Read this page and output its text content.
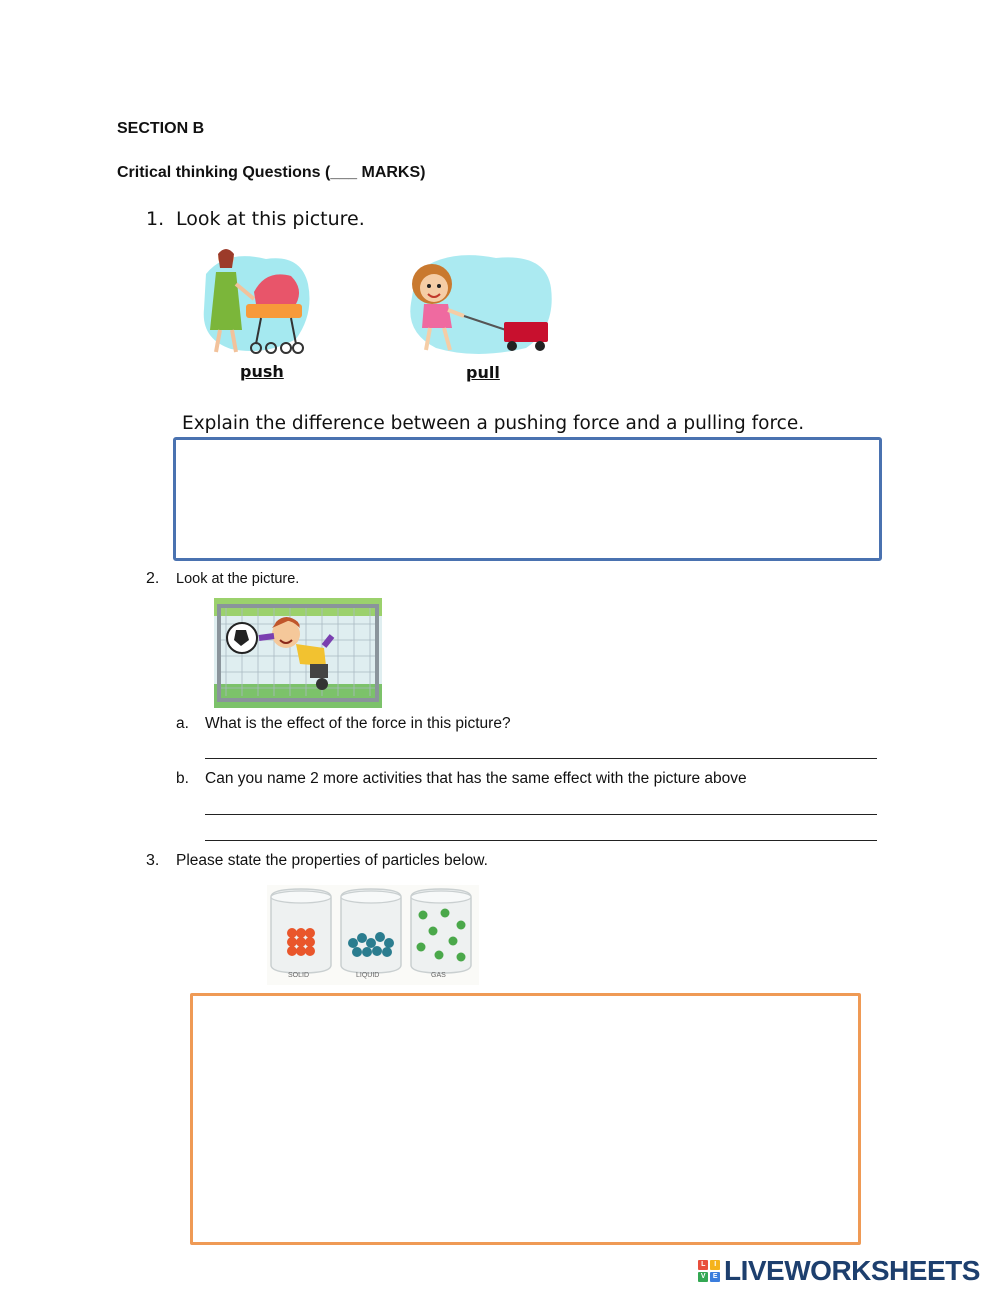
SECTION B
Critical thinking Questions (___ MARKS)
1. Look at this picture.
push	pull
Explain the difference between a pushing force and a pulling force.
2. Look at the picture.
a. What is the effect of the force in this picture?
b. Can you name 2 more activities that has the same effect with the picture above
3. Please state the properties of particles below.
SOLID	LIQUID	GAS
L	I
V	E LIVEWORKSHEETS
